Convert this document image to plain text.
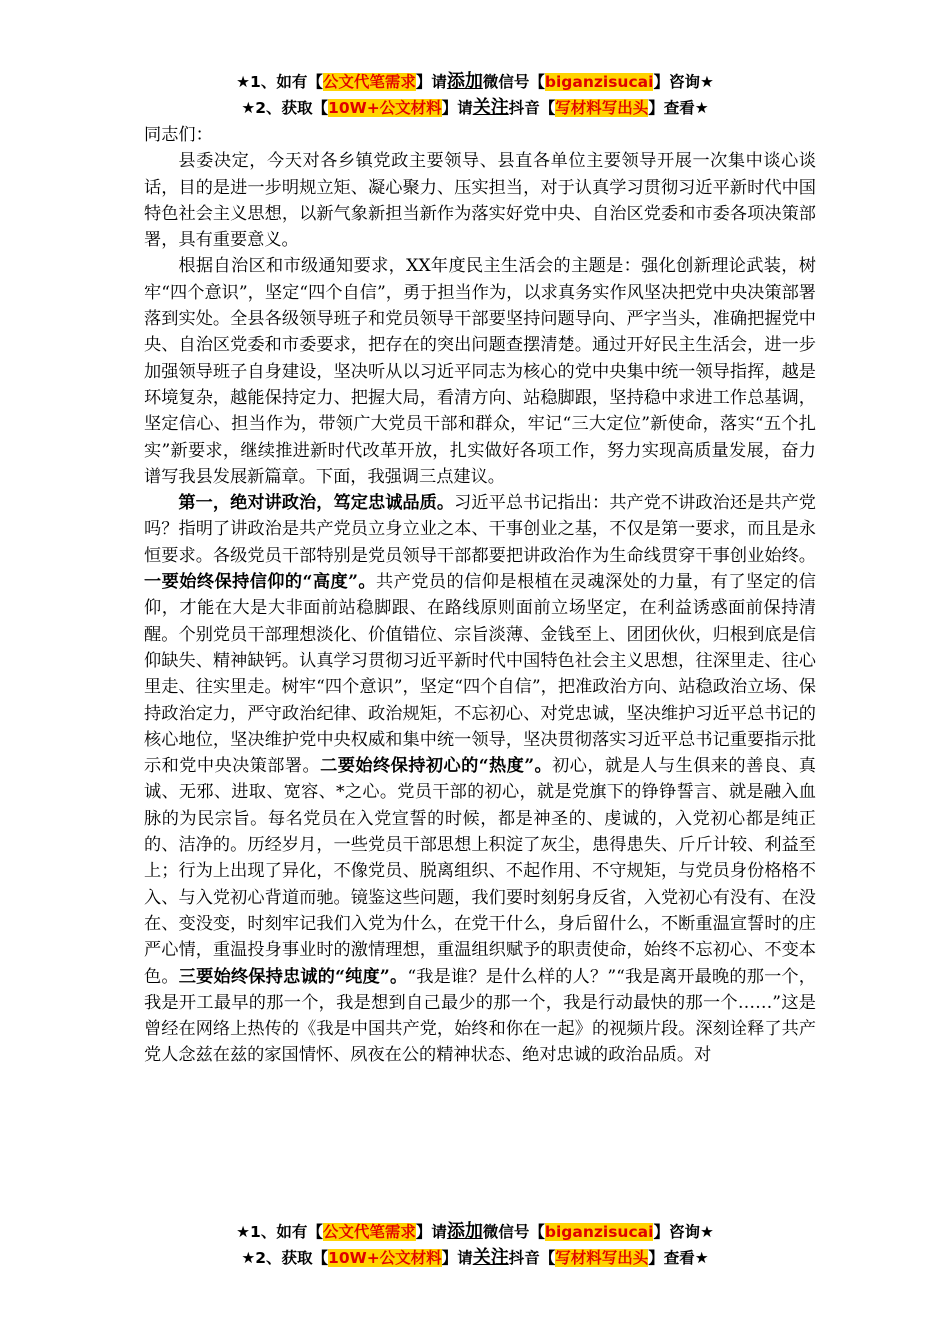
★1、如有【公文代笔需求】请添加微信号【biganzisucai】咨询★
★2、获取【10W+公文材料】请关注抖音【写材料写出头】查看★

同志们：

县委决定，今天对各乡镇党政主要领导、县直各单位主要领导开展一次集中谈心谈话，目的是进一步明规立矩、凝心聚力、压实担当，对于认真学习贯彻习近平新时代中国特色社会主义思想，以新气象新担当新作为落实好党中央、自治区党委和市委各项决策部署，具有重要意义。

根据自治区和市级通知要求，XX年度民主生活会的主题是：强化创新理论武装，树牢“四个意识”，坚定“四个自信”，勇于担当作为，以求真务实作风坚决把党中央决策部署落到实处。全县各级领导班子和党员领导干部要坚持问题导向、严字当头，准确把握党中央、自治区党委和市委要求，把存在的突出问题查摆清楚。通过开好民主生活会，进一步加强领导班子自身建设，坚决听从以习近平同志为核心的党中央集中统一领导指挥，越是环境复杂，越能保持定力、把握大局，看清方向、站稳脚跟，坚持稳中求进工作总基调，坚定信心、担当作为，带领广大党员干部和群众，牢记“三大定位”新使命，落实“五个扎实”新要求，继续推进新时代改革开放，扎实做好各项工作，努力实现高质量发展，奋力谱写我县发展新篇章。下面，我强调三点建议。

第一，绝对讲政治，笃定忠诚品质。习近平总书记指出：共产党不讲政治还是共产党吗？指明了讲政治是共产党员立身立业之本、干事创业之基，不仅是第一要求，而且是永恒要求。各级党员干部特别是党员领导干部都要把讲政治作为生命线贯穿干事创业始终。一要始终保持信仰的“高度”。共产党员的信仰是根植在灵魂深处的力量，有了坚定的信仰，才能在大是大非面前站稳脚跟、在路线原则面前立场坚定，在利益诱惑面前保持清醒。个别党员干部理想淡化、价值错位、宗旨淡薄、金钱至上、团团伙伙，归根到底是信仰缺失、精神缺钙。认真学习贯彻习近平新时代中国特色社会主义思想，往深里走、往心里走、往实里走。树牢“四个意识”，坚定“四个自信”，把准政治方向、站稳政治立场、保持政治定力，严守政治纪律、政治规矩，不忘初心、对党忠诚，坚决维护习近平总书记的核心地位，坚决维护党中央权威和集中统一领导，坚决贯彻落实习近平总书记重要指示批示和党中央决策部署。二要始终保持初心的“热度”。初心，就是人与生俱来的善良、真诚、无邪、进取、宽容、*之心。党员干部的初心，就是党旗下的铮铮誓言、就是融入血脉的为民宗旨。每名党员在入党宣誓的时候，都是神圣的、虔诚的，入党初心都是纯正的、洁净的。历经岁月，一些党员干部思想上积淀了灰尘，患得患失、斤斤计较、利益至上；行为上出现了异化，不像党员、脱离组织、不起作用、不守规矩，与党员身份格格不入、与入党初心背道而驰。镜鉴这些问题，我们要时刻躬身反省，入党初心有没有、在没在、变没变，时刻牢记我们入党为什么，在党干什么，身后留什么，不断重温宣誓时的庄严心情，重温投身事业时的激情理想，重温组织赋予的职责使命，始终不忘初心、不变本色。三要始终保持忠诚的“纯度”。“我是谁？是什么样的人？”“我是离开最晚的那一个，我是开工最早的那一个，我是想到自己最少的那一个，我是行动最快的那一个……”这是曾经在网络上热传的《我是中国共产党，始终和你在一起》的视频片段。深刻诠释了共产党人念兹在兹的家国情怀、夙夜在公的精神状态、绝对忠诚的政治品质。对

★1、如有【公文代笔需求】请添加微信号【biganzisucai】咨询★
★2、获取【10W+公文材料】请关注抖音【写材料写出头】查看★
